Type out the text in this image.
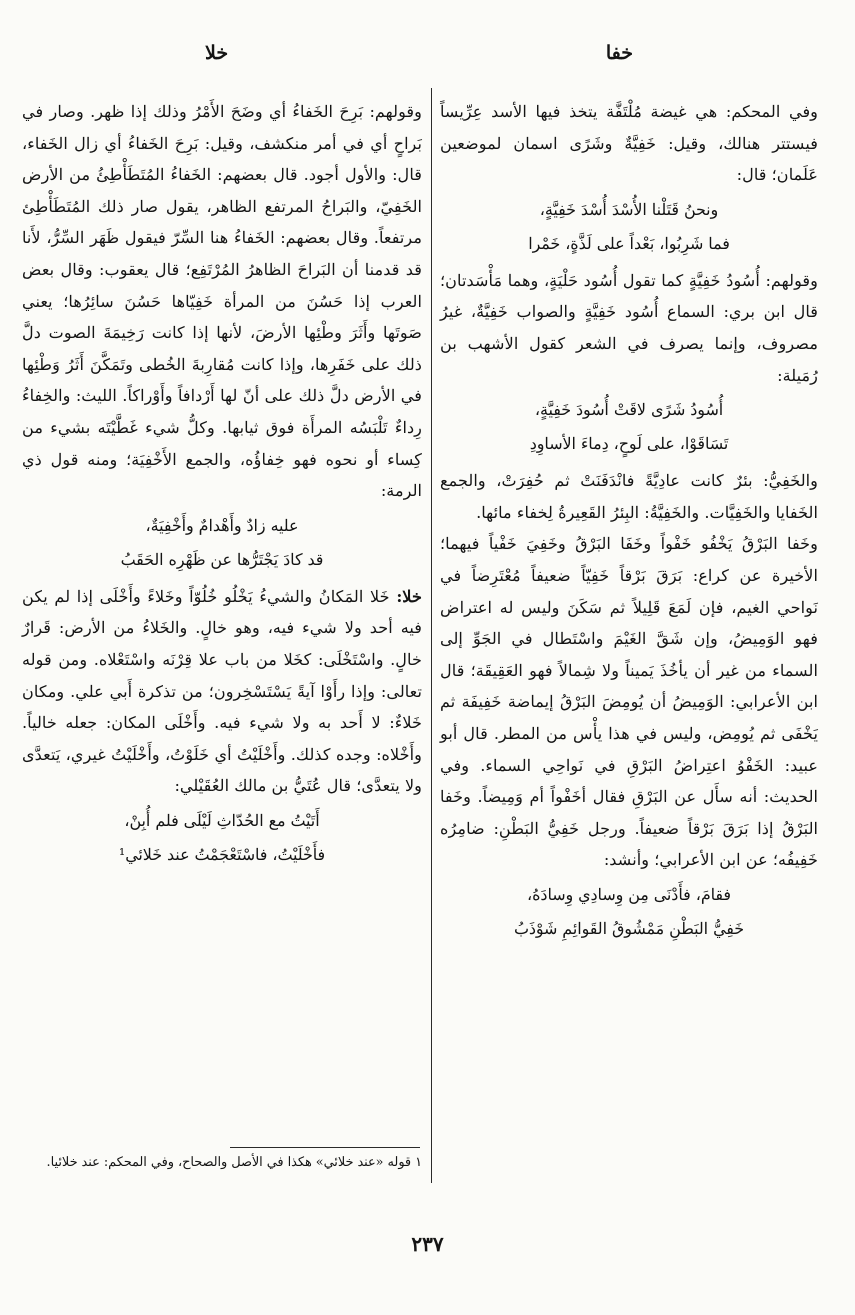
خفا
خلا

وفي المحكم: هي غيضة مُلْتَفَّة يتخذ فيها الأسد عِرِّيساً فيستتر هنالك، وقيل: خَفِيَّةٌ وشَرًى اسمان لموضعين عَلَمان؛ قال:

ونحنُ قَتَلْنا الأُسْدَ أُسْدَ خَفِيَّةٍ،
فما شَرِبُوا، بَعْداً على لَذَّةٍ، خَمْرا

وقولهم: أُسُودُ خَفِيَّةٍ كما تقول أُسُود حَلْيَةٍ، وهما مَأْسَدتان؛ قال ابن بري: السماع أُسُود خَفِيَّةٍ والصواب خَفِيَّةٌ، غيرُ مصروف، وإنما يصرف في الشعر كقول الأشهب بن رُمَيلة:

أُسُودُ شَرًى لاقَتْ أُسُودَ خَفِيَّةٍ،
تَسَاقَوْا، على لَوحٍ، دِماءَ الأساوِدِ

والخَفِيُّ: بئرٌ كانت عادِيَّةً فانْدَفَنَتْ ثم حُفِرَتْ، والجمع الخَفايا والخَفِيَّات. والخَفِيَّةُ: البِئرُ القَعِيرةُ لِخفاء مائها.

وخَفا البَرْقُ يَخْفُو خَفْواً وخَفَا البَرْقُ وخَفِيَ خَفْياً فيهما؛ الأخيرة عن كراع: بَرَقَ بَرْقاً خَفِيّاً ضعيفاً مُعْتَرِضاً في نَواحي الغيم، فإن لَمَعَ قَلِيلاً ثم سَكَنَ وليس له اعتراض فهو الوَمِيضُ، وإن شَقَّ الغَيْمَ واسْتَطال في الجَوِّ إلى السماء من غير أن يأخُذَ يَميناً ولا شِمالاً فهو العَقِيقَة؛ قال ابن الأعرابي: الوَمِيضُ أن يُومِضَ البَرْقُ إيماضة خَفِيفَة ثم يَخْفَى ثم يُومِض، وليس في هذا يأْس من المطر. قال أبو عبيد: الخَفْوُ اعتِراضُ البَرْقِ في نَواحِي السماء. وفي الحديث: أنه سأَل عن البَرْقِ فقال أخَفْواً أم وَمِيضاً. وخَفا البَرْقُ إذا بَرَقَ بَرْقاً ضعيفاً. ورجل خَفِيُّ البَطْنِ: ضامِرُه خَفِيفُه؛ عن ابن الأعرابي؛ وأنشد:

فقامَ، فأَدْنَى مِن وِسادِي وِسادَهُ،
خَفِيُّ البَطْنِ مَمْشُوقُ القَوائِمِ شَوْذَبُ

وقولهم: بَرِحَ الخَفاءُ أي وضَحَ الأَمْرُ وذلك إذا ظهر. وصار في بَراحٍ أي في أمر منكشف، وقيل: بَرِحَ الخَفاءُ أي زال الخَفاء، قال: والأول أجود. قال بعضهم: الخَفاءُ المُتَطَأْطِئُ من الأرض الخَفِيّ، والبَراحُ المرتفع الظاهر، يقول صار ذلك المُتَطَأْطِئ مرتفعاً. وقال بعضهم: الخَفاءُ هنا السِّرّ فيقول ظَهَر السِّرُّ، لأَنا قد قدمنا أن البَراحَ الظاهرُ المُرْتَفِع؛ قال يعقوب: وقال بعض العرب إذا حَسُنَ من المرأة خَفِيّاها حَسُنَ سائِرُها؛ يعني صَوتَها وأَثَرَ وطْئِها الأرضَ، لأنها إذا كانت رَخِيمَةَ الصوت دلَّ ذلك على خَفَرِها، وإذا كانت مُقارِبةَ الخُطى وتَمَكَّنَ أَثَرُ وَطْئِها في الأرض دلَّ ذلك على أنّ لها أَرْدافاً وأَوْراكاً. الليث: والخِفاءُ رِداءٌ تَلْبَسُه المرأَة فوق ثيابها. وكلُّ شيء غَطَّيْتَه بشيء من كِساء أو نحوه فهو خِفاؤُه، والجمع الأَخْفِيَة؛ ومنه قول ذي الرمة:

عليه زادٌ وأَهْدامٌ وأَخْفِيَةٌ،
قد كادَ يَجْتَرُّها عن ظَهْرِه الحَقَبُ

خلا: خَلا المَكانُ والشيءُ يَخْلُو خُلُوّاً وخَلاءً وأَخْلَى إذا لم يكن فيه أحد ولا شيء فيه، وهو خالٍ. والخَلاءُ من الأرض: قَرارٌ خالٍ. واسْتَخْلَى: كخَلا من باب علا قِرْنَه واسْتَعْلاه. ومن قوله تعالى: وإذا رأَوْا آيةً يَسْتَسْخِرون؛ من تذكرة أَبي علي. ومكان خَلاءٌ: لا أَحد به ولا شيء فيه. وأَخْلَى المكان: جعله خالياً. وأَخْلاه: وجده كذلك. وأَخْلَيْتُ أي خَلَوْتُ، وأَخْلَيْتُ غيري، يَتعدَّى ولا يتعدَّى؛ قال عُتَيُّ بن مالك العُقَيْلي:

أَتَيْتُ مع الحُدّاثِ لَيْلَى فلم أُبِنْ،
فأَخْلَيْتُ، فاسْتَعْجَمْتُ عند خَلائي¹
١ قوله «عند خلائي» هكذا في الأصل والصحاح، وفي المحكم: عند خلائيا.
٢٣٧
